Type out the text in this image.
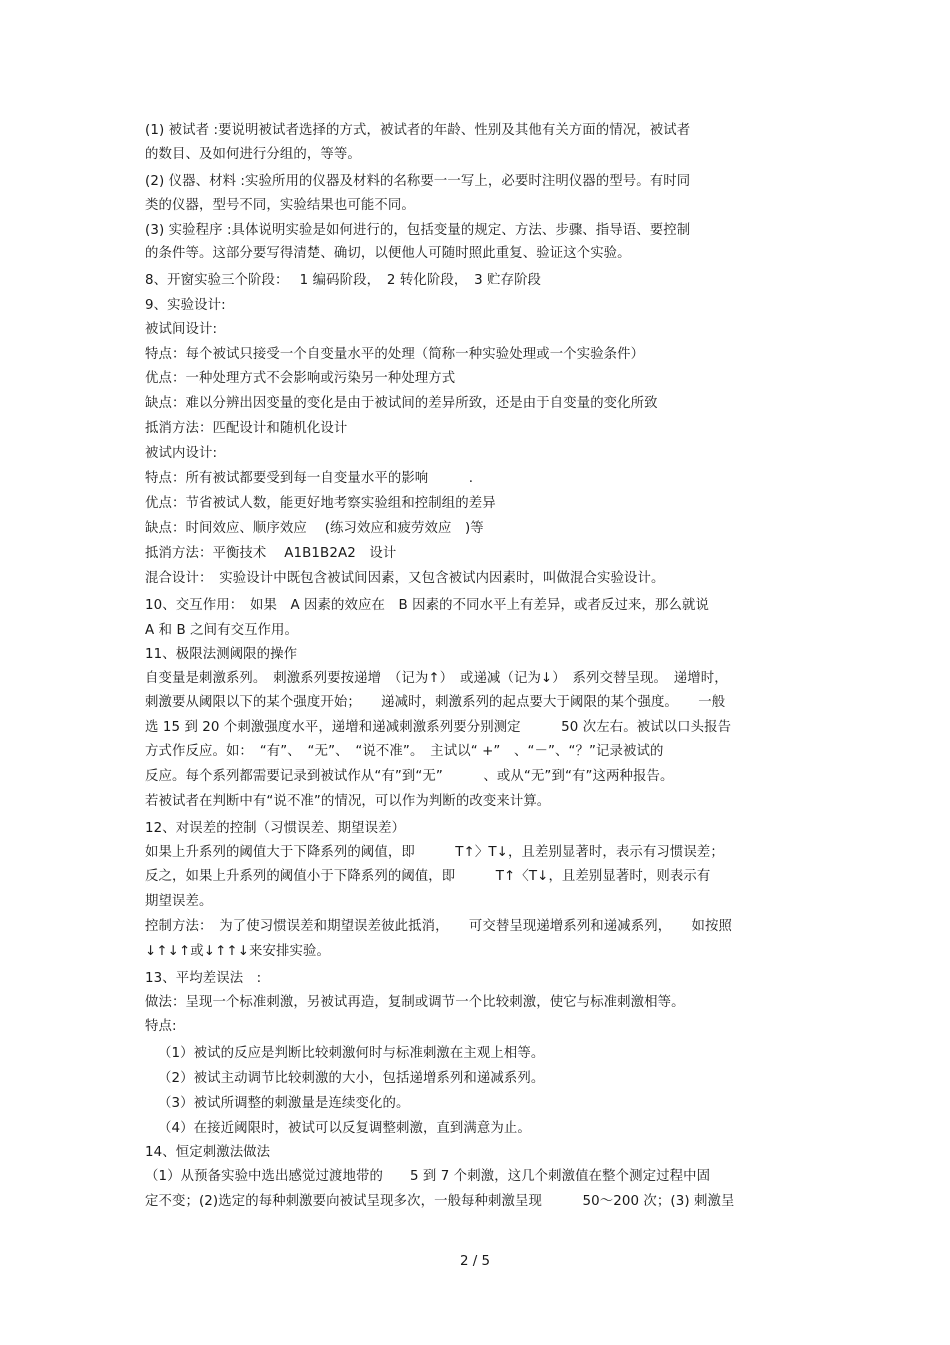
(1) 被试者 :要说明被试者选择的方式，被试者的年龄、性别及其他有关方面的情况，被试者
的数目、及如何进行分组的，等等。
(2) 仪器、材料 :实验所用的仪器及材料的名称要一一写上，必要时注明仪器的型号。有时同
类的仪器，型号不同，实验结果也可能不同。
(3) 实验程序 :具体说明实验是如何进行的，包括变量的规定、方法、步骤、指导语、要控制
的条件等。这部分要写得清楚、确切，以便他人可随时照此重复、验证这个实验。
8、开窗实验三个阶段：　 1 编码阶段，　2 转化阶段，　3 贮存阶段
9、实验设计:
被试间设计:
特点：每个被试只接受一个自变量水平的处理（简称一种实验处理或一个实验条件）
优点：一种处理方式不会影响或污染另一种处理方式
缺点：难以分辨出因变量的变化是由于被试间的差异所致，还是由于自变量的变化所致
抵消方法：匹配设计和随机化设计
被试内设计:
特点：所有被试都要受到每一自变量水平的影响　　　.
优点：节省被试人数，能更好地考察实验组和控制组的差异
缺点：时间效应、顺序效应　 (练习效应和疲劳效应　)等
抵消方法：平衡技术　 A1B1B2A2　设计
混合设计：　实验设计中既包含被试间因素，又包含被试内因素时，叫做混合实验设计。
10、交互作用：　如果　A 因素的效应在　B 因素的不同水平上有差异，或者反过来，那么就说
A 和 B 之间有交互作用。
11、极限法测阈限的操作
自变量是刺激系列。　刺激系列要按递增　（记为↑）　或递减（记为↓）　系列交替呈现。　递增时，
刺激要从阈限以下的某个强度开始；　　递减时，刺激系列的起点要大于阈限的某个强度。　　一般
选 15 到 20 个刺激强度水平，递增和递减刺激系列要分别测定　　　50 次左右。被试以口头报告
方式作反应。如：　“有”、　“无”、　“说不准”。　主试以“ +”　、“－”、“？”记录被试的
反应。每个系列都需要记录到被试作从“有”到“无”　　　、或从“无”到“有”这两种报告。
若被试者在判断中有“说不准”的情况，可以作为判断的改变来计算。
12、对误差的控制（习惯误差、期望误差）
如果上升系列的阈值大于下降系列的阈值，即　　　T↑〉T↓，且差别显著时，表示有习惯误差；
反之，如果上升系列的阈值小于下降系列的阈值，即　　　T↑〈T↓，且差别显著时，则表示有
期望误差。
控制方法：　为了使习惯误差和期望误差彼此抵消，　　可交替呈现递增系列和递减系列，　　如按照
↓↑↓↑或↓↑↑↓来安排实验。
13、平均差误法　:
做法：呈现一个标准刺激，另被试再造，复制或调节一个比较刺激，使它与标准刺激相等。
特点:
（1）被试的反应是判断比较刺激何时与标准刺激在主观上相等。
（2）被试主动调节比较刺激的大小，包括递增系列和递减系列。
（3）被试所调整的刺激量是连续变化的。
（4）在接近阈限时，被试可以反复调整刺激，直到满意为止。
14、恒定刺激法做法
（1）从预备实验中选出感觉过渡地带的　　5 到 7 个刺激，这几个刺激值在整个测定过程中固
定不变；(2)选定的每种刺激要向被试呈现多次，一般每种刺激呈现　　　50～200 次；(3) 刺激呈
2 / 5
